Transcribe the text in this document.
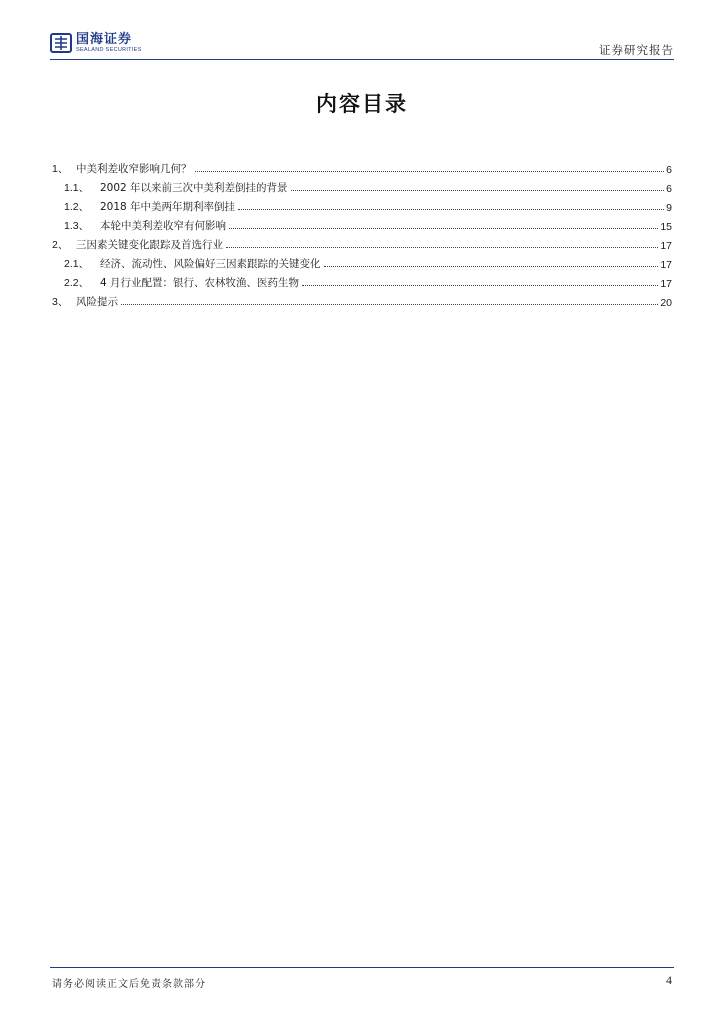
国海证券
SEALAND SECURITIES	证券研究报告
内容目录
1、 中美利差收窄影响几何？	6
1.1、	2002 年以来前三次中美利差倒挂的背景	6
1.2、	2018 年中美两年期利率倒挂	9
1.3、	本轮中美利差收窄有何影响	15
2、 三因素关键变化跟踪及首选行业	17
2.1、	经济、流动性、风险偏好三因素跟踪的关键变化	17
2.2、	4 月行业配置：银行、农林牧渔、医药生物	17
3、 风险提示	20
请务必阅读正文后免责条款部分	4
